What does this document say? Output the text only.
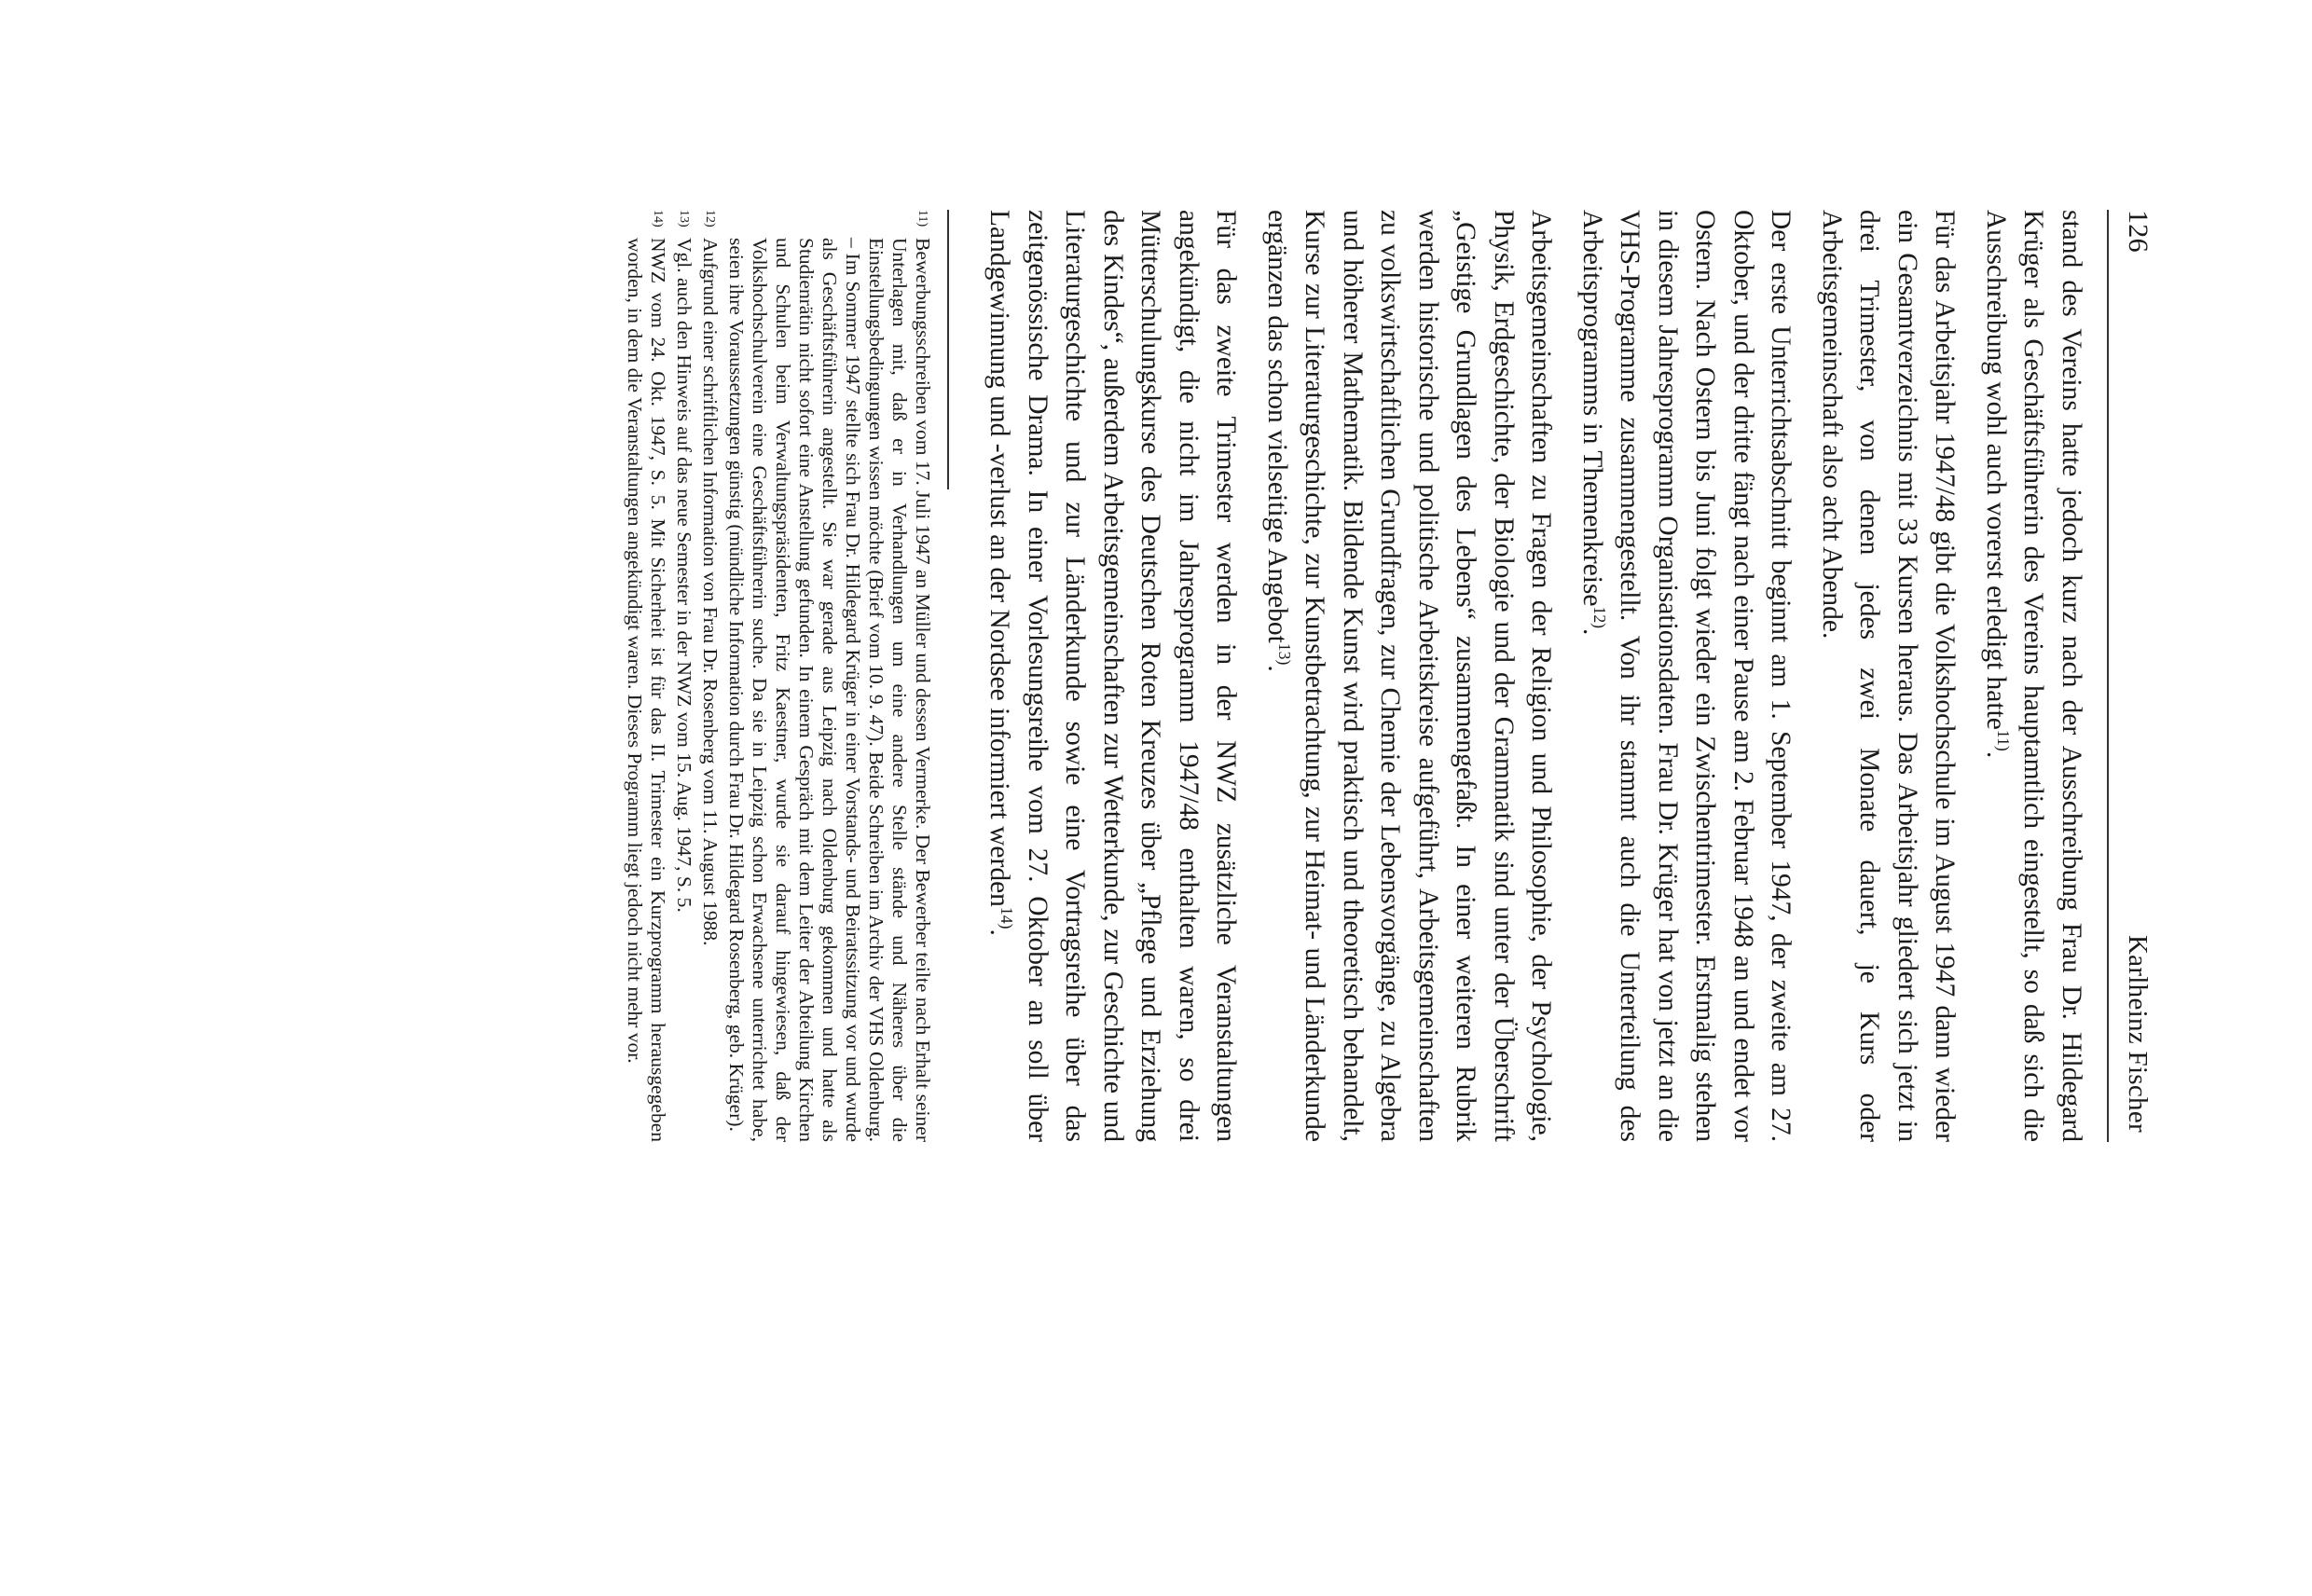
126
Karlheinz Fischer

stand des Vereins hatte jedoch kurz nach der Ausschreibung Frau Dr. Hildegard Krüger als Geschäftsführerin des Vereins hauptamtlich eingestellt, so daß sich die Ausschreibung wohl auch vorerst erledigt hatte$^{11)}$.

Für das Arbeitsjahr 1947/48 gibt die Volkshochschule im August 1947 dann wieder ein Gesamtverzeichnis mit 33 Kursen heraus. Das Arbeitsjahr gliedert sich jetzt in drei Trimester, von denen jedes zwei Monate dauert, je Kurs oder Arbeitsgemeinschaft also acht Abende.

Der erste Unterrichtsabschnitt beginnt am 1. September 1947, der zweite am 27. Oktober, und der dritte fängt nach einer Pause am 2. Februar 1948 an und endet vor Ostern. Nach Ostern bis Juni folgt wieder ein Zwischentrimester. Erstmalig stehen in diesem Jahresprogramm Organisationsdaten. Frau Dr. Krüger hat von jetzt an die VHS-Programme zusammengestellt. Von ihr stammt auch die Unterteilung des Arbeitsprogramms in Themenkreise$^{12)}$.

Arbeitsgemeinschaften zu Fragen der Religion und Philosophie, der Psychologie, Physik, Erdgeschichte, der Biologie und der Grammatik sind unter der Überschrift „Geistige Grundlagen des Lebens“ zusammengefaßt. In einer weiteren Rubrik werden historische und politische Arbeitskreise aufgeführt, Arbeitsgemeinschaften zu volkswirtschaftlichen Grundfragen, zur Chemie der Lebensvorgänge, zu Algebra und höherer Mathematik. Bildende Kunst wird praktisch und theoretisch behandelt, Kurse zur Literaturgeschichte, zur Kunstbetrachtung, zur Heimat- und Länderkunde ergänzen das schon vielseitige Angebot$^{13)}$.

Für das zweite Trimester werden in der NWZ zusätzliche Veranstaltungen angekündigt, die nicht im Jahresprogramm 1947/48 enthalten waren, so drei Mütterschulungskurse des Deutschen Roten Kreuzes über „Pflege und Erziehung des Kindes“, außerdem Arbeitsgemeinschaften zur Wetterkunde, zur Geschichte und Literaturgeschichte und zur Länderkunde sowie eine Vortragsreihe über das zeitgenössische Drama. In einer Vorlesungsreihe vom 27. Oktober an soll über Landgewinnung und -verlust an der Nordsee informiert werden$^{14)}$.

11)
Bewerbungsschreiben vom 17. Juli 1947 an Müller und dessen Vermerke. Der Bewerber teilte nach Erhalt seiner Unterlagen mit, daß er in Verhandlungen um eine andere Stelle stände und Näheres über die Einstellungsbedingungen wissen möchte (Brief vom 10. 9. 47). Beide Schreiben im Archiv der VHS Oldenburg. – Im Sommer 1947 stellte sich Frau Dr. Hildegard Krüger in einer Vorstands- und Beiratssitzung vor und wurde als Geschäftsführerin angestellt. Sie war gerade aus Leipzig nach Oldenburg gekommen und hatte als Studienrätin nicht sofort eine Anstellung gefunden. In einem Gespräch mit dem Leiter der Abteilung Kirchen und Schulen beim Verwaltungspräsidenten, Fritz Kaestner, wurde sie darauf hingewiesen, daß der Volkshochschulverein eine Geschäftsführerin suche. Da sie in Leipzig schon Erwachsene unterrichtet habe, seien ihre Voraussetzungen günstig (mündliche Information durch Frau Dr. Hildegard Rosenberg, geb. Krüger).
12)
Aufgrund einer schriftlichen Information von Frau Dr. Rosenberg vom 11. August 1988.
13)
Vgl. auch den Hinweis auf das neue Semester in der NWZ vom 15. Aug. 1947, S. 5.
14)
NWZ vom 24. Okt. 1947, S. 5. Mit Sicherheit ist für das II. Trimester ein Kurzprogramm herausgegeben worden, in dem die Veranstaltungen angekündigt waren. Dieses Programm liegt jedoch nicht mehr vor.
